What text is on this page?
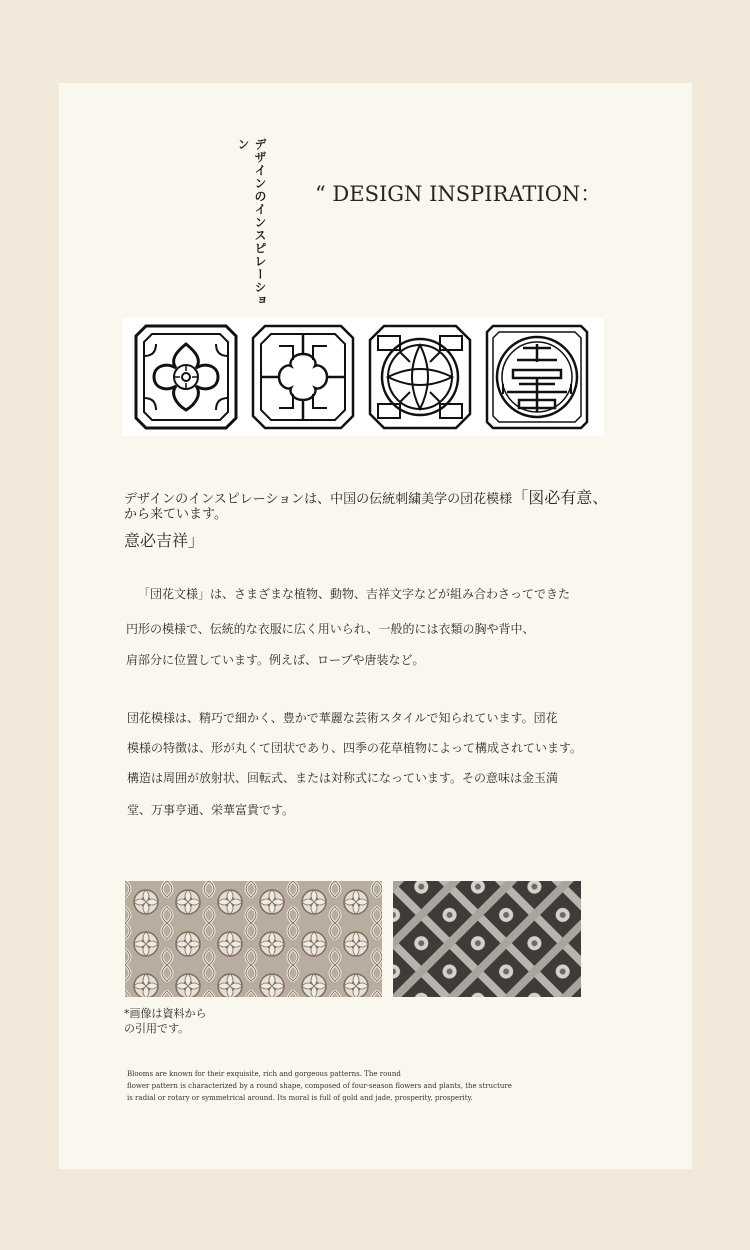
デザインのインスピレーション
“ DESIGN INSPIRATION：
デザインのインスピレーションは、中国の伝統刺繍美学の団花模様「図必有意、
から来ています。
意必吉祥」
「団花文様」は、さまざまな植物、動物、吉祥文字などが組み合わさってできた
円形の模様で、伝統的な衣服に広く用いられ、一般的には衣類の胸や背中、
肩部分に位置しています。例えば、ローブや唐装など。
団花模様は、精巧で細かく、豊かで華麗な芸術スタイルで知られています。団花
模様の特徴は、形が丸くて団状であり、四季の花草植物によって構成されています。
構造は周囲が放射状、回転式、または対称式になっています。その意味は金玉満
堂、万事亨通、栄華富貴です。
*画像は資料からの引用です。
Blooms are known for their exquisite, rich and gorgeous patterns. The round
flower pattern is characterized by a round shape, composed of four-season flowers and plants, the structure
is radial or rotary or symmetrical around. Its moral is full of gold and jade, prosperity, prosperity.
